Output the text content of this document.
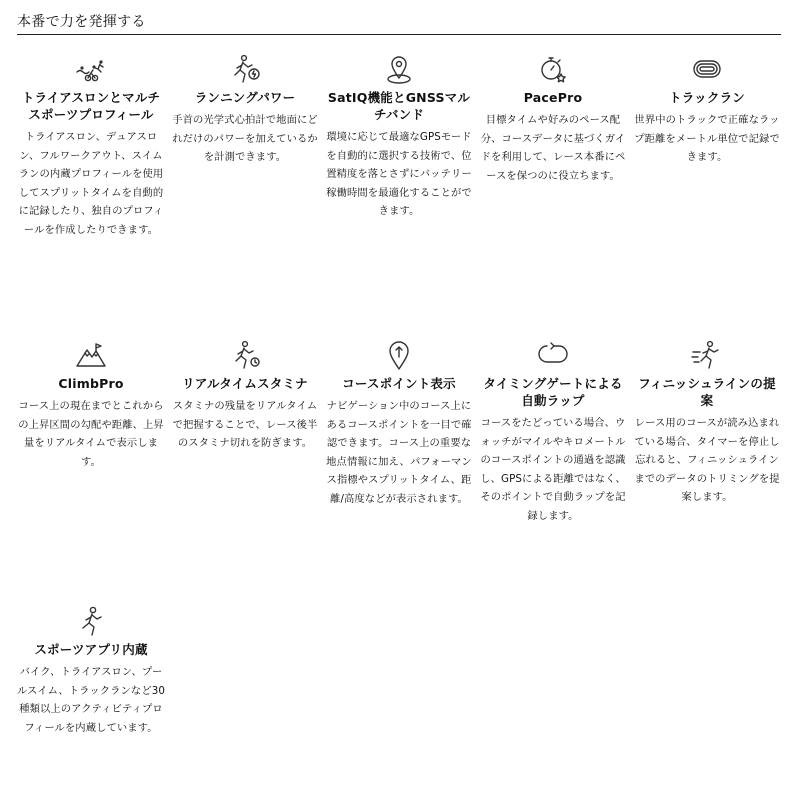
本番で力を発揮する
トライアスロンとマルチスポーツプロフィール
トライアスロン、デュアスロン、フルワークアウト、スイムランの内蔵プロフィールを使用してスプリットタイムを自動的に記録したり、独自のプロフィールを作成したりできます。
ランニングパワー
手首の光学式心拍計で地面にどれだけのパワーを加えているかを計測できます。
SatIQ機能とGNSSマルチバンド
環境に応じて最適なGPSモードを自動的に選択する技術で、位置精度を落とさずにバッテリー稼働時間を最適化することができます。
PacePro
目標タイムや好みのペース配分、コースデータに基づくガイドを利用して、レース本番にペースを保つのに役立ちます。
トラックラン
世界中のトラックで正確なラップ距離をメートル単位で記録できます。
ClimbPro
コース上の現在までとこれからの上昇区間の勾配や距離、上昇量をリアルタイムで表示します。
リアルタイムスタミナ
スタミナの残量をリアルタイムで把握することで、レース後半のスタミナ切れを防ぎます。
コースポイント表示
ナビゲーション中のコース上にあるコースポイントを一目で確認できます。コース上の重要な地点情報に加え、パフォーマンス指標やスプリットタイム、距離/高度などが表示されます。
タイミングゲートによる自動ラップ
コースをたどっている場合、ウォッチがマイルやキロメートルのコースポイントの通過を認識し、GPSによる距離ではなく、そのポイントで自動ラップを記録します。
フィニッシュラインの提案
レース用のコースが読み込まれている場合、タイマーを停止し忘れると、フィニッシュラインまでのデータのトリミングを提案します。
スポーツアプリ内蔵
バイク、トライアスロン、プールスイム、トラックランなど30種類以上のアクティビティプロフィールを内蔵しています。
